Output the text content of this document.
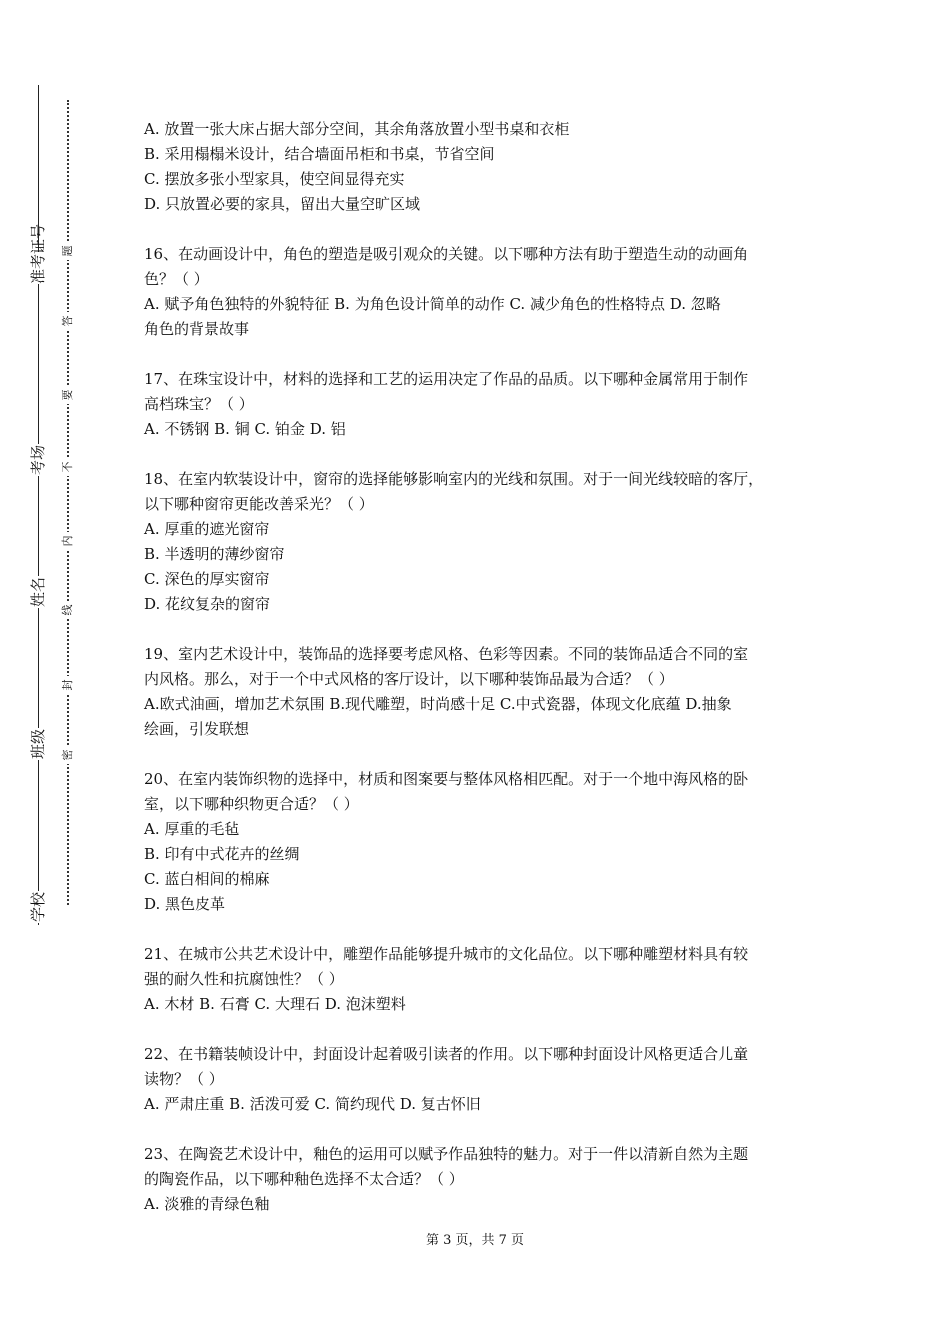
准考证号
考场
姓名
班级
学校
题
答
要
不
内
线
封
密
A. 放置一张大床占据大部分空间，其余角落放置小型书桌和衣柜
B. 采用榻榻米设计，结合墙面吊柜和书桌，节省空间
C. 摆放多张小型家具，使空间显得充实
D. 只放置必要的家具，留出大量空旷区域
16、在动画设计中，角色的塑造是吸引观众的关键。以下哪种方法有助于塑造生动的动画角
色？（ ）
A. 赋予角色独特的外貌特征 B. 为角色设计简单的动作 C. 减少角色的性格特点 D. 忽略
角色的背景故事
17、在珠宝设计中，材料的选择和工艺的运用决定了作品的品质。以下哪种金属常用于制作
高档珠宝？（ ）
A. 不锈钢 B. 铜 C. 铂金 D. 铝
18、在室内软装设计中，窗帘的选择能够影响室内的光线和氛围。对于一间光线较暗的客厅，
以下哪种窗帘更能改善采光？（ ）
A. 厚重的遮光窗帘
B. 半透明的薄纱窗帘
C. 深色的厚实窗帘
D. 花纹复杂的窗帘
19、室内艺术设计中，装饰品的选择要考虑风格、色彩等因素。不同的装饰品适合不同的室
内风格。那么，对于一个中式风格的客厅设计，以下哪种装饰品最为合适？（ ）
A.欧式油画，增加艺术氛围 B.现代雕塑，时尚感十足 C.中式瓷器，体现文化底蕴 D.抽象
绘画，引发联想
20、在室内装饰织物的选择中，材质和图案要与整体风格相匹配。对于一个地中海风格的卧
室，以下哪种织物更合适？（ ）
A. 厚重的毛毡
B. 印有中式花卉的丝绸
C. 蓝白相间的棉麻
D. 黑色皮革
21、在城市公共艺术设计中，雕塑作品能够提升城市的文化品位。以下哪种雕塑材料具有较
强的耐久性和抗腐蚀性？（ ）
A. 木材 B. 石膏 C. 大理石 D. 泡沫塑料
22、在书籍装帧设计中，封面设计起着吸引读者的作用。以下哪种封面设计风格更适合儿童
读物？（ ）
A. 严肃庄重 B. 活泼可爱 C. 简约现代 D. 复古怀旧
23、在陶瓷艺术设计中，釉色的运用可以赋予作品独特的魅力。对于一件以清新自然为主题
的陶瓷作品，以下哪种釉色选择不太合适？（ ）
A. 淡雅的青绿色釉
第 3 页，共 7 页
